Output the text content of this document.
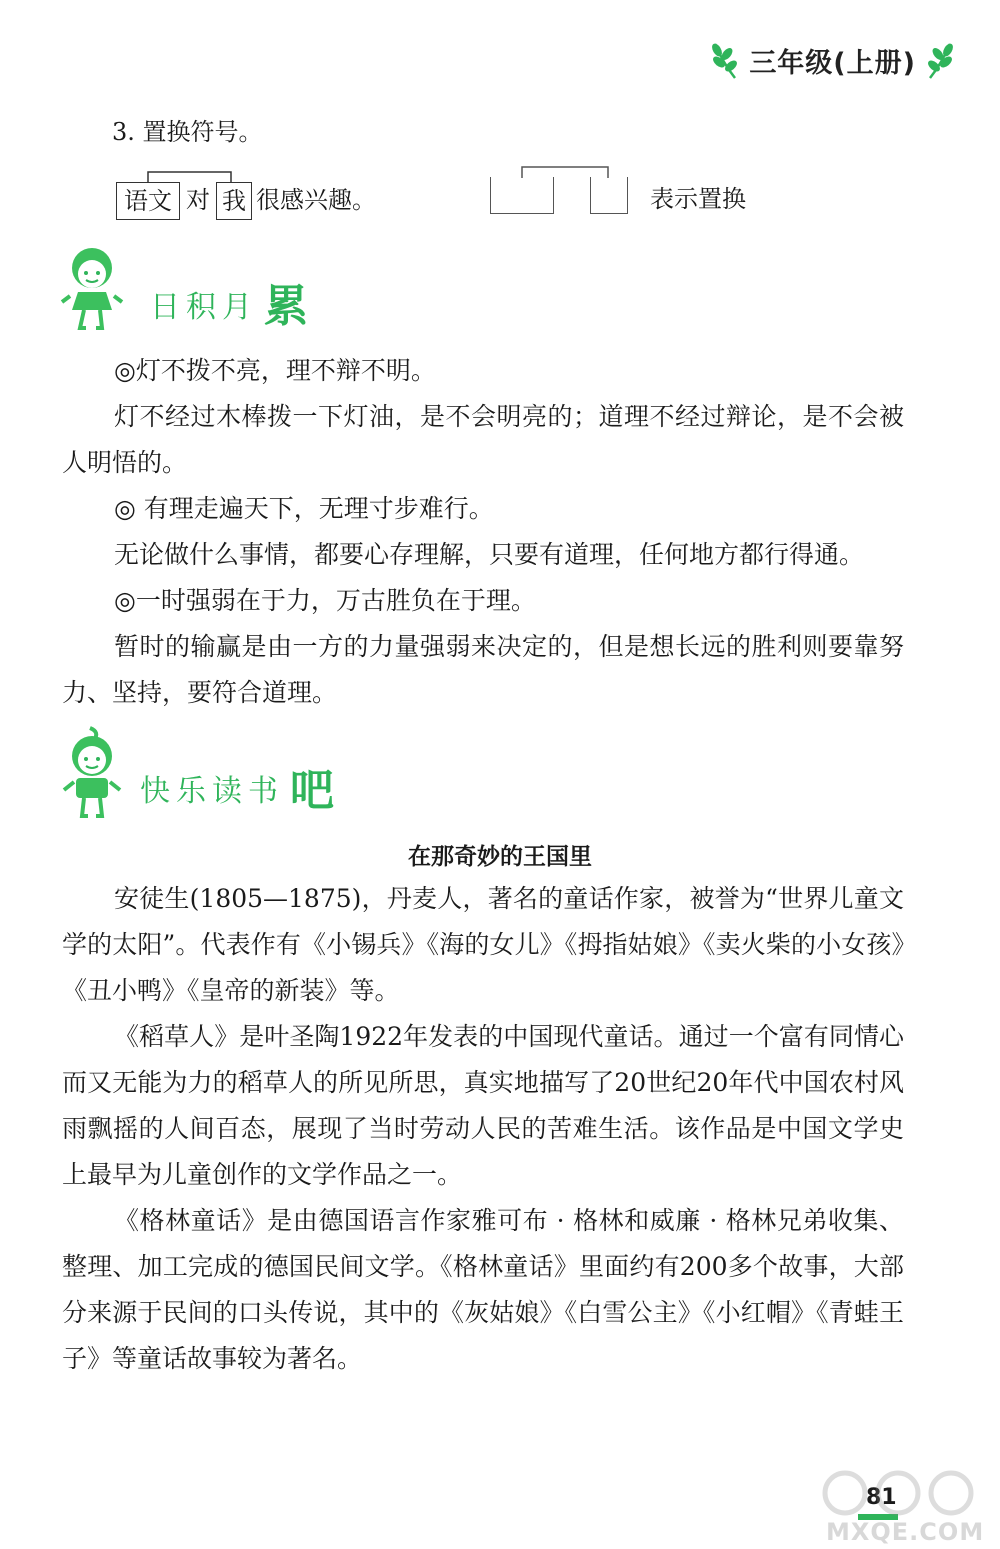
三年级(上册)
3. 置换符号。
语文 对 我 很感兴趣。	表示置换
日积月 累
◎灯不拨不亮，理不辩不明。
灯不经过木棒拨一下灯油，是不会明亮的；道理不经过辩论，是不会被人明悟的。
◎ 有理走遍天下，无理寸步难行。
无论做什么事情，都要心存理解，只要有道理，任何地方都行得通。
◎一时强弱在于力，万古胜负在于理。
暂时的输赢是由一方的力量强弱来决定的，但是想长远的胜利则要靠努力、坚持，要符合道理。
快乐读书 吧
在那奇妙的王国里
安徒生(1805—1875)，丹麦人，著名的童话作家，被誉为“世界儿童文学的太阳”。代表作有《小锡兵》《海的女儿》《拇指姑娘》《卖火柴的小女孩》《丑小鸭》《皇帝的新装》等。
《稻草人》是叶圣陶1922年发表的中国现代童话。通过一个富有同情心而又无能为力的稻草人的所见所思，真实地描写了20世纪20年代中国农村风雨飘摇的人间百态，展现了当时劳动人民的苦难生活。该作品是中国文学史上最早为儿童创作的文学作品之一。
《格林童话》是由德国语言作家雅可布 · 格林和威廉 · 格林兄弟收集、整理、加工完成的德国民间文学。《格林童话》里面约有200多个故事，大部分来源于民间的口头传说，其中的《灰姑娘》《白雪公主》《小红帽》《青蛙王子》等童话故事较为著名。
81
MXQE.COM
